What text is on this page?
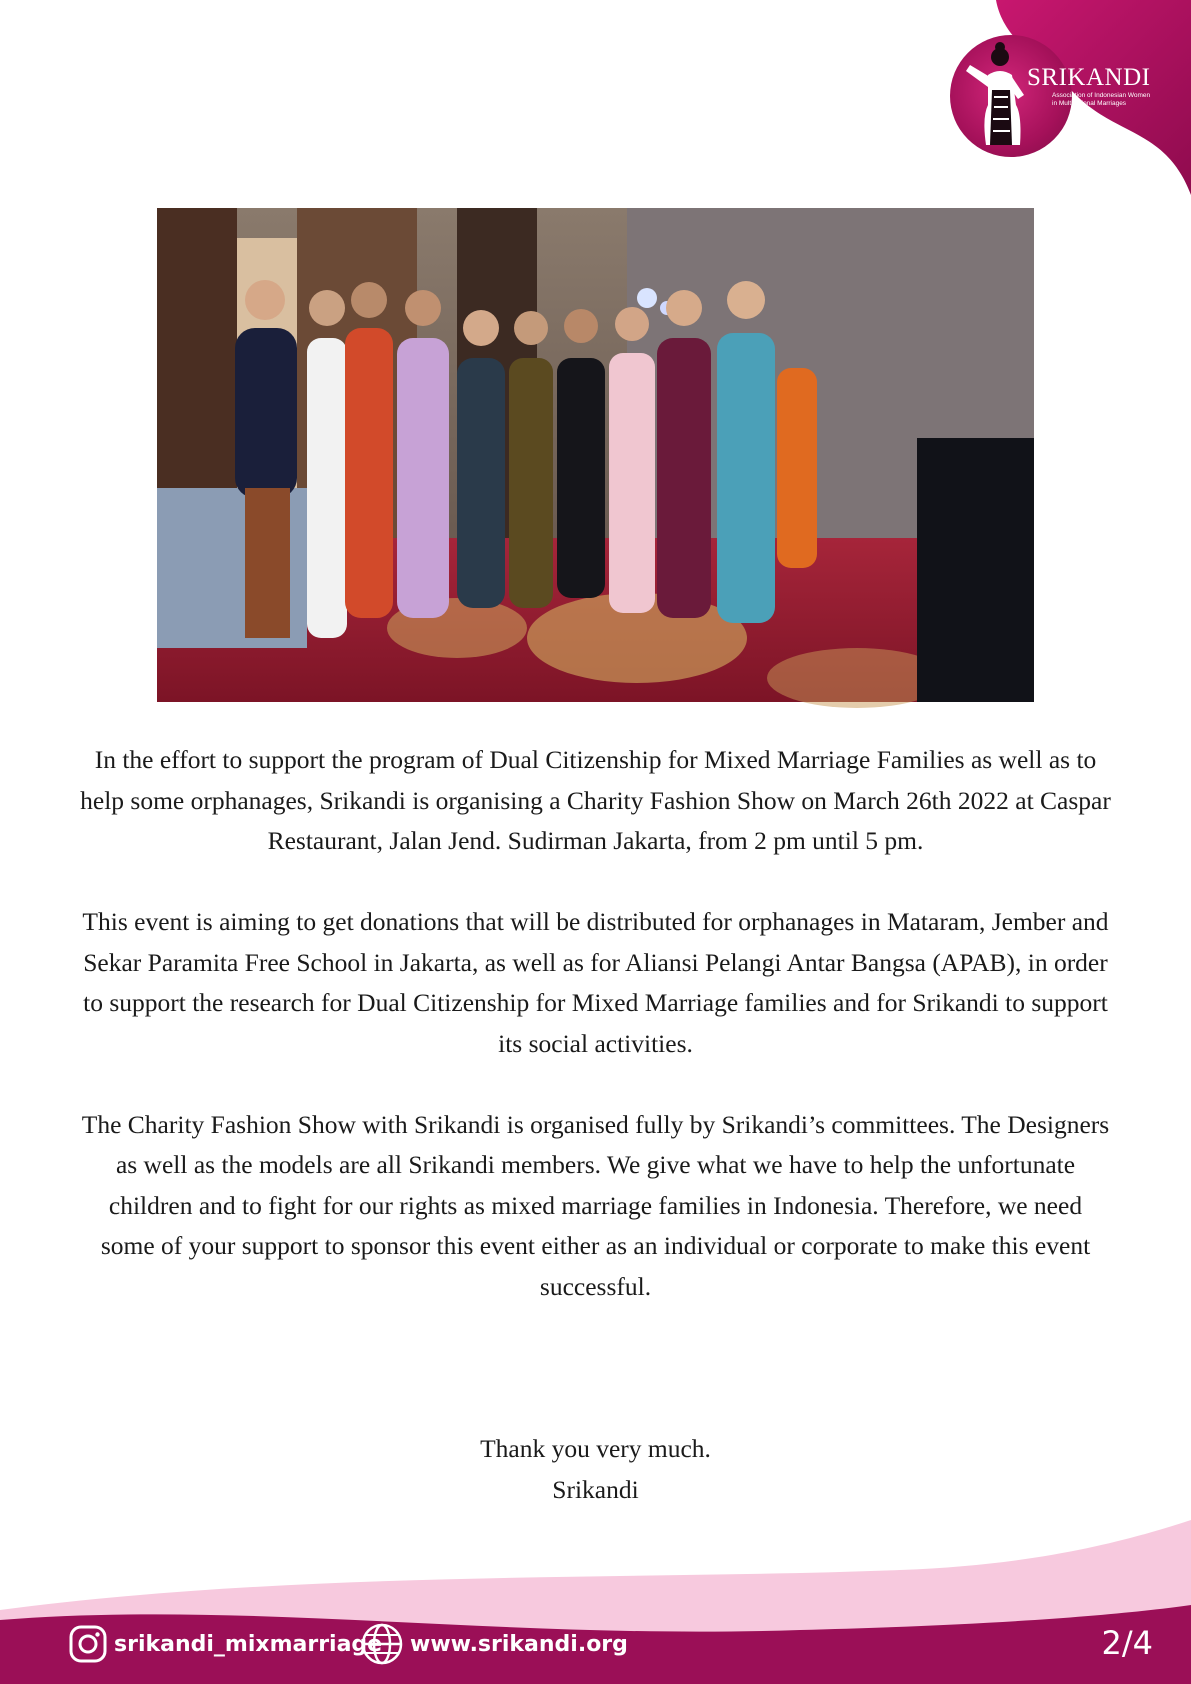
SRIKANDI
Association of Indonesian Women
in Multinational Marriages

In the effort to support the program of Dual Citizenship for Mixed Marriage Families as well as to help some orphanages, Srikandi is organising a Charity Fashion Show on March 26th 2022 at Caspar Restaurant, Jalan Jend. Sudirman Jakarta, from 2 pm until 5 pm.

This event is aiming to get donations that will be distributed for orphanages in Mataram, Jember and Sekar Paramita Free School in Jakarta, as well as for Aliansi Pelangi Antar Bangsa (APAB), in order to support the research for Dual Citizenship for Mixed Marriage families and for Srikandi to support its social activities.

The Charity Fashion Show with Srikandi is organised fully by Srikandi’s committees. The Designers as well as the models are all Srikandi members. We give what we have to help the unfortunate children and to fight for our rights as mixed marriage families in Indonesia. Therefore, we need some of your support to sponsor this event either as an individual or corporate to make this event successful.

Thank you very much.
Srikandi
srikandi_mixmarriage www.srikandi.org	2/4
